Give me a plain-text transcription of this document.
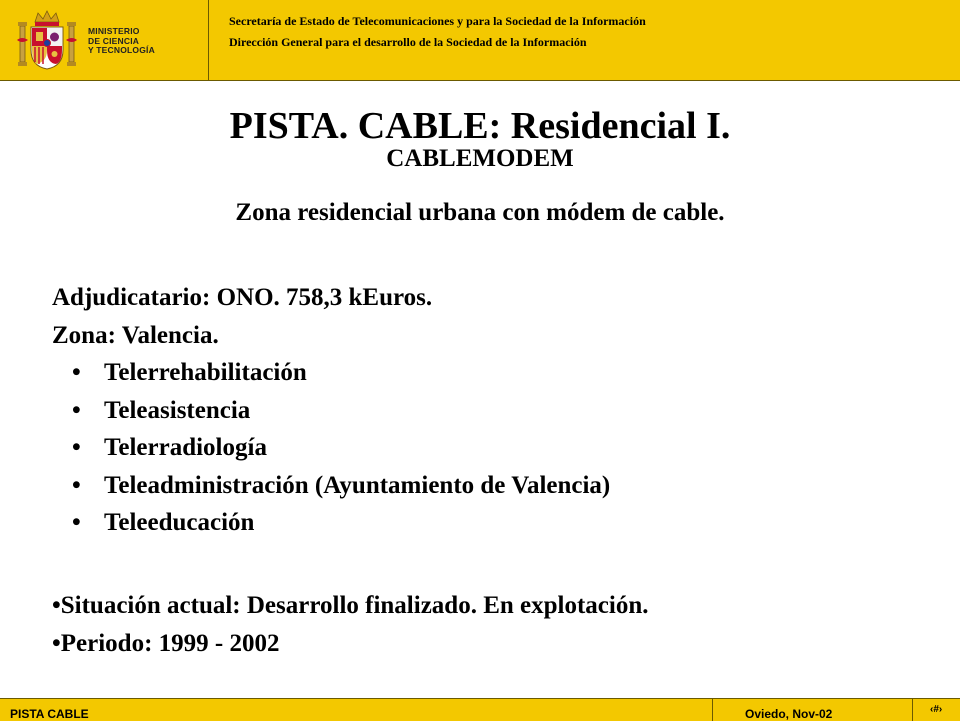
MINISTERIO
DE CIENCIA
Y TECNOLOGÍA
Secretaría de Estado de Telecomunicaciones y para la Sociedad de la Información
Dirección General para el desarrollo de la Sociedad de la Información
PISTA. CABLE: Residencial I.
CABLEMODEM
Zona residencial urbana con módem de cable.
Adjudicatario: ONO. 758,3 kEuros.
Zona: Valencia.
• Telerrehabilitación
• Teleasistencia
• Telerradiología
• Teleadministración (Ayuntamiento de Valencia)
• Teleeducación
•Situación actual: Desarrollo finalizado. En explotación.
•Periodo: 1999 - 2002
PISTA CABLE	Oviedo, Nov-02	‹#›
